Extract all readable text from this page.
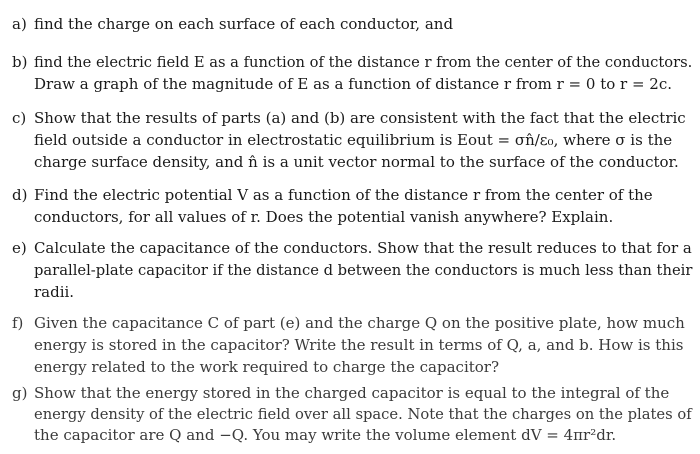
a) find the charge on each surface of each conductor, and
b) find the electric field E as a function of the distance r from the center of the conductors.
Draw a graph of the magnitude of E as a function of distance r from r = 0 to r = 2c.
c) Show that the results of parts (a) and (b) are consistent with the fact that the electric
field outside a conductor in electrostatic equilibrium is Eout = σn̂/ε₀, where σ is the
charge surface density, and n̂ is a unit vector normal to the surface of the conductor.
d) Find the electric potential V as a function of the distance r from the center of the
conductors, for all values of r. Does the potential vanish anywhere? Explain.
e) Calculate the capacitance of the conductors. Show that the result reduces to that for a
parallel-plate capacitor if the distance d between the conductors is much less than their
radii.
f) Given the capacitance C of part (e) and the charge Q on the positive plate, how much
energy is stored in the capacitor? Write the result in terms of Q, a, and b. How is this
energy related to the work required to charge the capacitor?
g) Show that the energy stored in the charged capacitor is equal to the integral of the
energy density of the electric field over all space. Note that the charges on the plates of
the capacitor are Q and −Q. You may write the volume element dV = 4πr²dr.
